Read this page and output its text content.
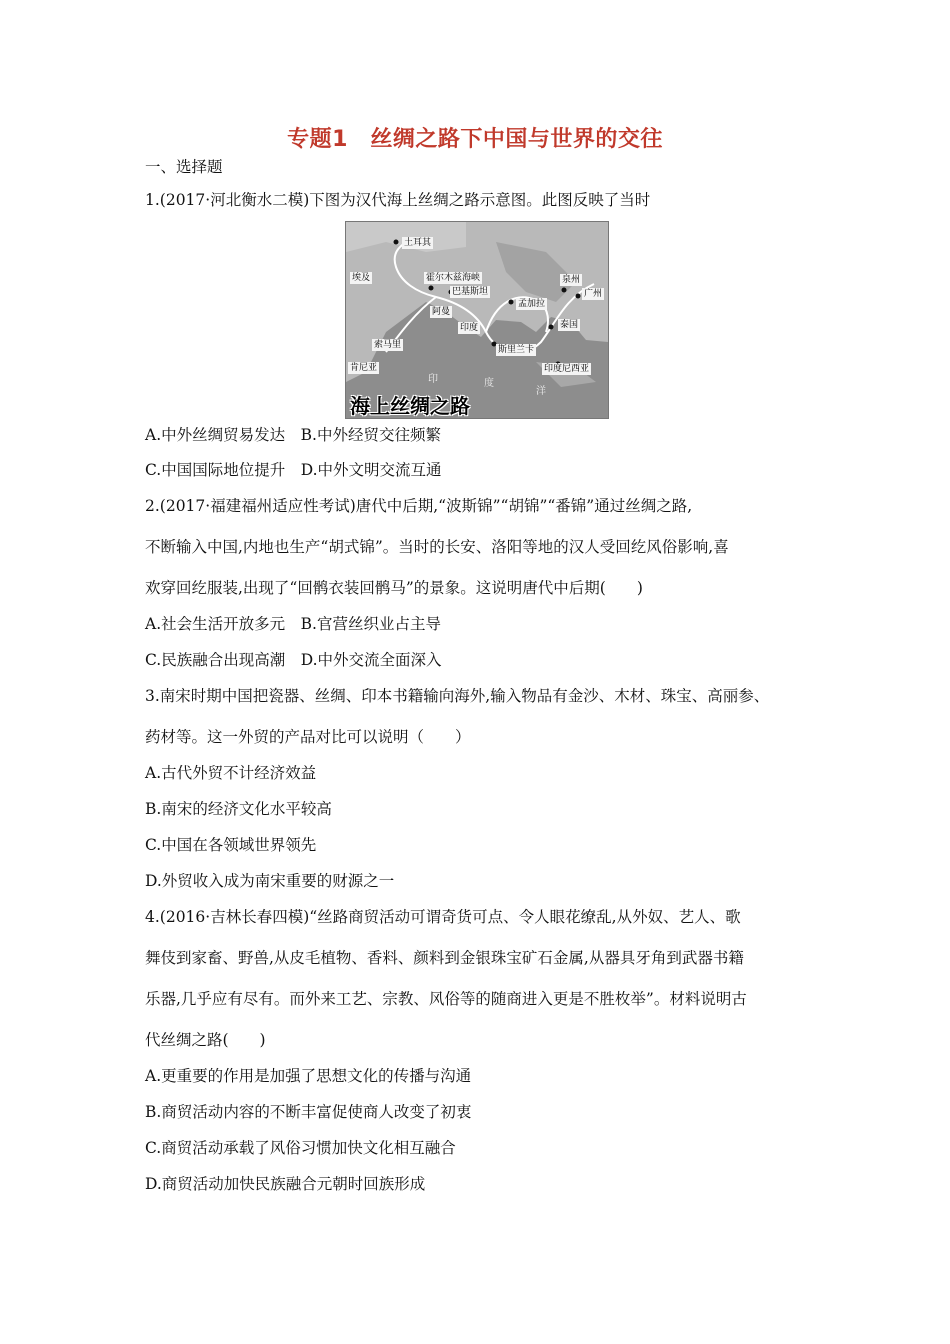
专题1　丝绸之路下中国与世界的交往
一、选择题
1.(2017·河北衡水二模)下图为汉代海上丝绸之路示意图。此图反映了当时
土耳其
埃及	霍尔木兹海峡
巴基斯坦
阿曼
印度
孟加拉
泉州
广州
泰国
索马里	斯里兰卡
肯尼亚	印度尼西亚
印	度
洋
海上丝绸之路
A.中外丝绸贸易发达　B.中外经贸交往频繁
C.中国国际地位提升　D.中外文明交流互通
2.(2017·福建福州适应性考试)唐代中后期,“波斯锦”“胡锦”“番锦”通过丝绸之路,
不断输入中国,内地也生产“胡式锦”。当时的长安、洛阳等地的汉人受回纥风俗影响,喜
欢穿回纥服装,出现了“回鹘衣装回鹘马”的景象。这说明唐代中后期(　　)
A.社会生活开放多元　B.官营丝织业占主导
C.民族融合出现高潮　D.中外交流全面深入
3.南宋时期中国把瓷器、丝绸、印本书籍输向海外,输入物品有金沙、木材、珠宝、高丽参、
药材等。这一外贸的产品对比可以说明（　　）
A.古代外贸不计经济效益
B.南宋的经济文化水平较高
C.中国在各领域世界领先
D.外贸收入成为南宋重要的财源之一
4.(2016·吉林长春四模)“丝路商贸活动可谓奇货可点、令人眼花缭乱,从外奴、艺人、歌
舞伎到家畜、野兽,从皮毛植物、香料、颜料到金银珠宝矿石金属,从器具牙角到武器书籍
乐器,几乎应有尽有。而外来工艺、宗教、风俗等的随商进入更是不胜枚举”。材料说明古
代丝绸之路(　　)
A.更重要的作用是加强了思想文化的传播与沟通
B.商贸活动内容的不断丰富促使商人改变了初衷
C.商贸活动承载了风俗习惯加快文化相互融合
D.商贸活动加快民族融合元朝时回族形成
